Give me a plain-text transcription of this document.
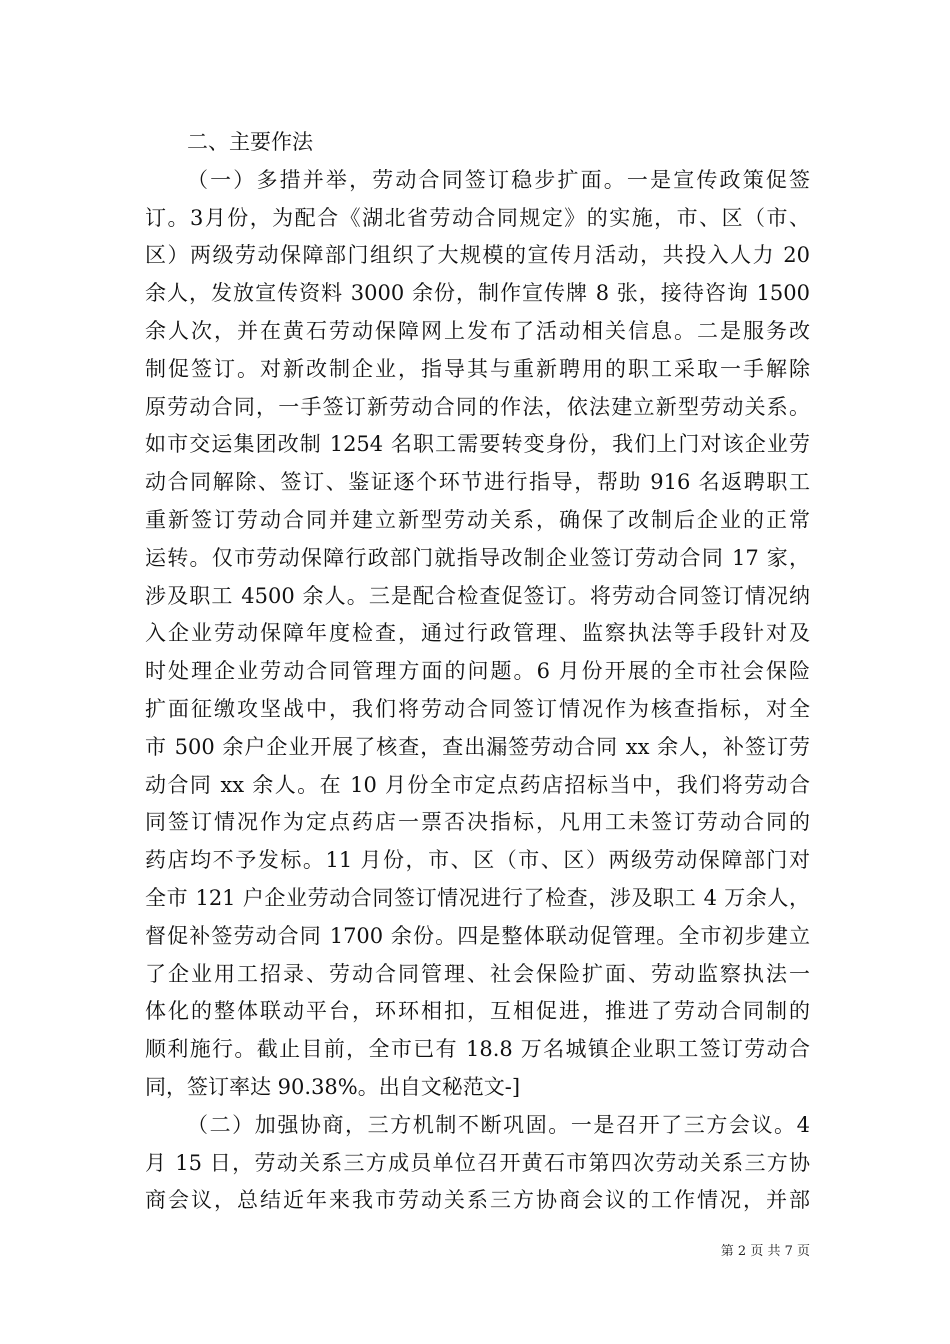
二、主要作法
（一）多措并举，劳动合同签订稳步扩面。一是宣传政策促签
订。3月份，为配合《湖北省劳动合同规定》的实施，市、区（市、
区）两级劳动保障部门组织了大规模的宣传月活动，共投入人力 20
余人，发放宣传资料 3000 余份，制作宣传牌 8 张，接待咨询 1500
余人次，并在黄石劳动保障网上发布了活动相关信息。二是服务改
制促签订。对新改制企业，指导其与重新聘用的职工采取一手解除
原劳动合同，一手签订新劳动合同的作法，依法建立新型劳动关系。
如市交运集团改制 1254 名职工需要转变身份，我们上门对该企业劳
动合同解除、签订、鉴证逐个环节进行指导，帮助 916 名返聘职工
重新签订劳动合同并建立新型劳动关系，确保了改制后企业的正常
运转。仅市劳动保障行政部门就指导改制企业签订劳动合同 17 家，
涉及职工 4500 余人。三是配合检查促签订。将劳动合同签订情况纳
入企业劳动保障年度检查，通过行政管理、监察执法等手段针对及
时处理企业劳动合同管理方面的问题。6 月份开展的全市社会保险
扩面征缴攻坚战中，我们将劳动合同签订情况作为核查指标，对全
市 500 余户企业开展了核查，查出漏签劳动合同 xx 余人，补签订劳
动合同 xx 余人。在 10 月份全市定点药店招标当中，我们将劳动合
同签订情况作为定点药店一票否决指标，凡用工未签订劳动合同的
药店均不予发标。11 月份，市、区（市、区）两级劳动保障部门对
全市 121 户企业劳动合同签订情况进行了检查，涉及职工 4 万余人，
督促补签劳动合同 1700 余份。四是整体联动促管理。全市初步建立
了企业用工招录、劳动合同管理、社会保险扩面、劳动监察执法一
体化的整体联动平台，环环相扣，互相促进，推进了劳动合同制的
顺利施行。截止目前，全市已有 18.8 万名城镇企业职工签订劳动合
同，签订率达 90.38%。出自文秘范文-]
（二）加强协商，三方机制不断巩固。一是召开了三方会议。4
月 15 日，劳动关系三方成员单位召开黄石市第四次劳动关系三方协
商会议，总结近年来我市劳动关系三方协商会议的工作情况，并部
第 2 页 共 7 页
